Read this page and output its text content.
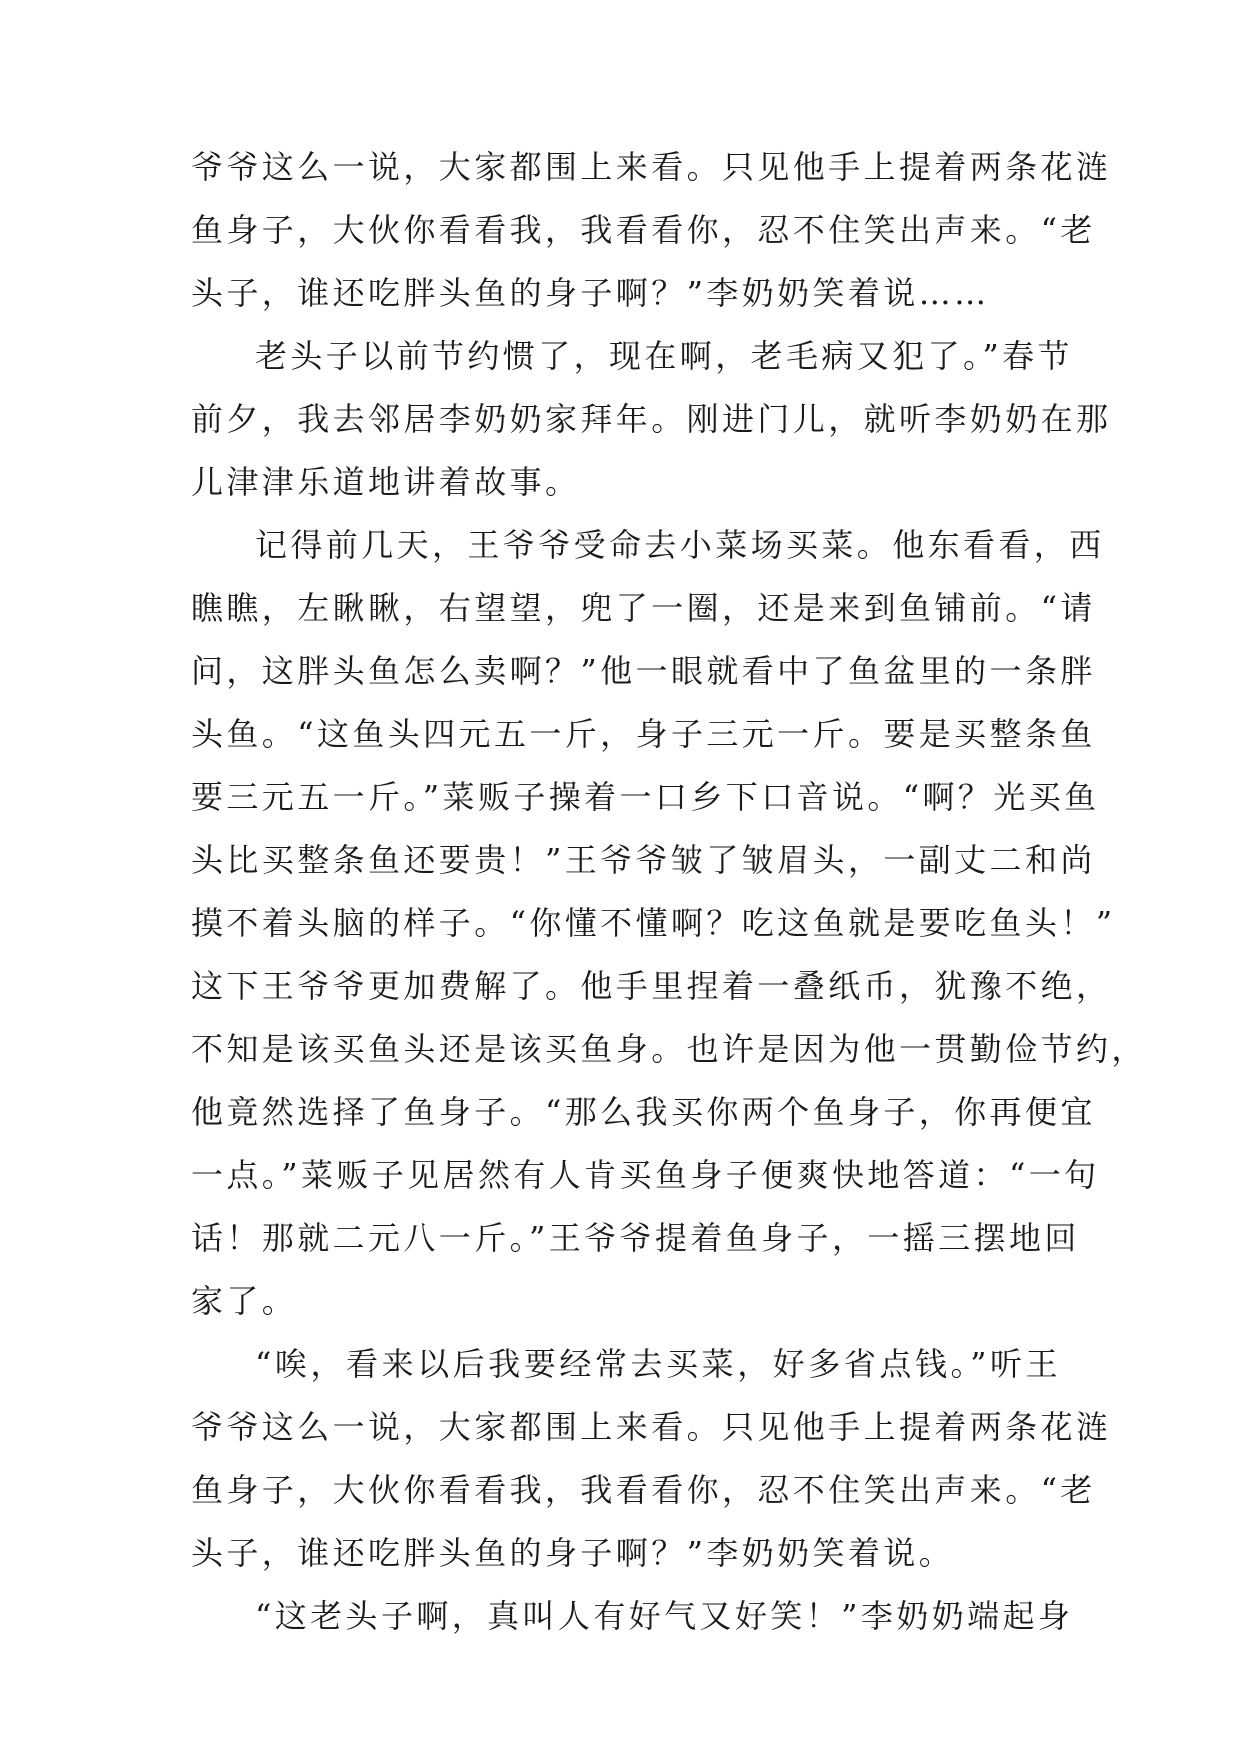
爷爷这么一说，大家都围上来看。只见他手上提着两条花涟
鱼身子，大伙你看看我，我看看你，忍不住笑出声来。“老
头子，谁还吃胖头鱼的身子啊？”李奶奶笑着说……
老头子以前节约惯了，现在啊，老毛病又犯了。”春节
前夕，我去邻居李奶奶家拜年。刚进门儿，就听李奶奶在那
儿津津乐道地讲着故事。
记得前几天，王爷爷受命去小菜场买菜。他东看看，西
瞧瞧，左瞅瞅，右望望，兜了一圈，还是来到鱼铺前。“请
问，这胖头鱼怎么卖啊？”他一眼就看中了鱼盆里的一条胖
头鱼。“这鱼头四元五一斤，身子三元一斤。要是买整条鱼
要三元五一斤。”菜贩子操着一口乡下口音说。“啊？光买鱼
头比买整条鱼还要贵！”王爷爷皱了皱眉头，一副丈二和尚
摸不着头脑的样子。“你懂不懂啊？吃这鱼就是要吃鱼头！”
这下王爷爷更加费解了。他手里捏着一叠纸币，犹豫不绝，
不知是该买鱼头还是该买鱼身。也许是因为他一贯勤俭节约，
他竟然选择了鱼身子。“那么我买你两个鱼身子，你再便宜
一点。”菜贩子见居然有人肯买鱼身子便爽快地答道：“一句
话！那就二元八一斤。”王爷爷提着鱼身子，一摇三摆地回
家了。
“唉，看来以后我要经常去买菜，好多省点钱。”听王
爷爷这么一说，大家都围上来看。只见他手上提着两条花涟
鱼身子，大伙你看看我，我看看你，忍不住笑出声来。“老
头子，谁还吃胖头鱼的身子啊？”李奶奶笑着说。
“这老头子啊，真叫人有好气又好笑！”李奶奶端起身
